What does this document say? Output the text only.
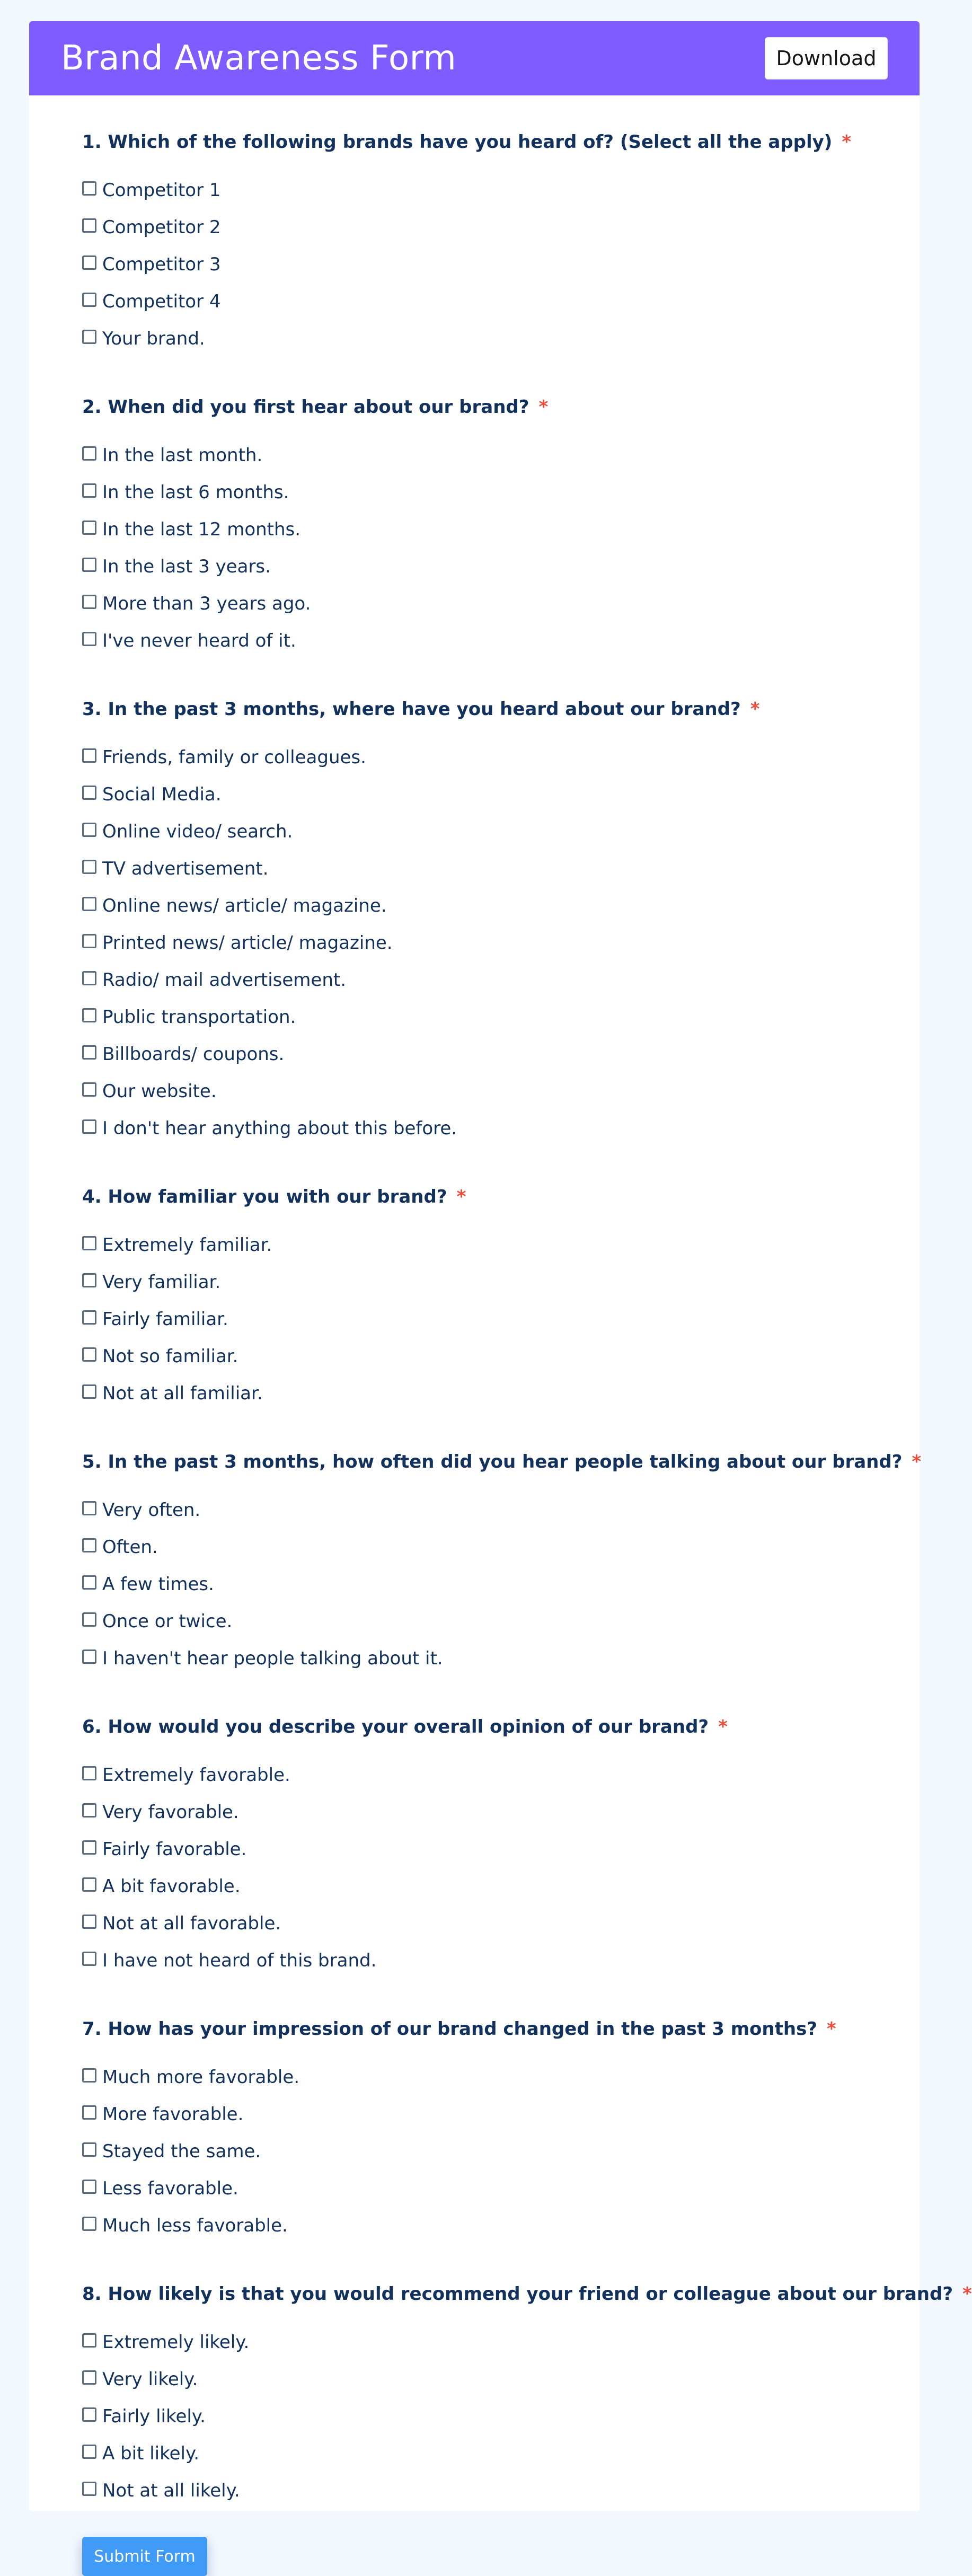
Brand Awareness Form	Download
1. Which of the following brands have you heard of? (Select all the apply) *
Competitor 1
Competitor 2
Competitor 3
Competitor 4
Your brand.
2. When did you first hear about our brand? *
In the last month.
In the last 6 months.
In the last 12 months.
In the last 3 years.
More than 3 years ago.
I've never heard of it.
3. In the past 3 months, where have you heard about our brand? *
Friends, family or colleagues.
Social Media.
Online video/ search.
TV advertisement.
Online news/ article/ magazine.
Printed news/ article/ magazine.
Radio/ mail advertisement.
Public transportation.
Billboards/ coupons.
Our website.
I don't hear anything about this before.
4. How familiar you with our brand? *
Extremely familiar.
Very familiar.
Fairly familiar.
Not so familiar.
Not at all familiar.
5. In the past 3 months, how often did you hear people talking about our brand? *
Very often.
Often.
A few times.
Once or twice.
I haven't hear people talking about it.
6. How would you describe your overall opinion of our brand? *
Extremely favorable.
Very favorable.
Fairly favorable.
A bit favorable.
Not at all favorable.
I have not heard of this brand.
7. How has your impression of our brand changed in the past 3 months? *
Much more favorable.
More favorable.
Stayed the same.
Less favorable.
Much less favorable.
8. How likely is that you would recommend your friend or colleague about our brand? *
Extremely likely.
Very likely.
Fairly likely.
A bit likely.
Not at all likely.
Submit Form
